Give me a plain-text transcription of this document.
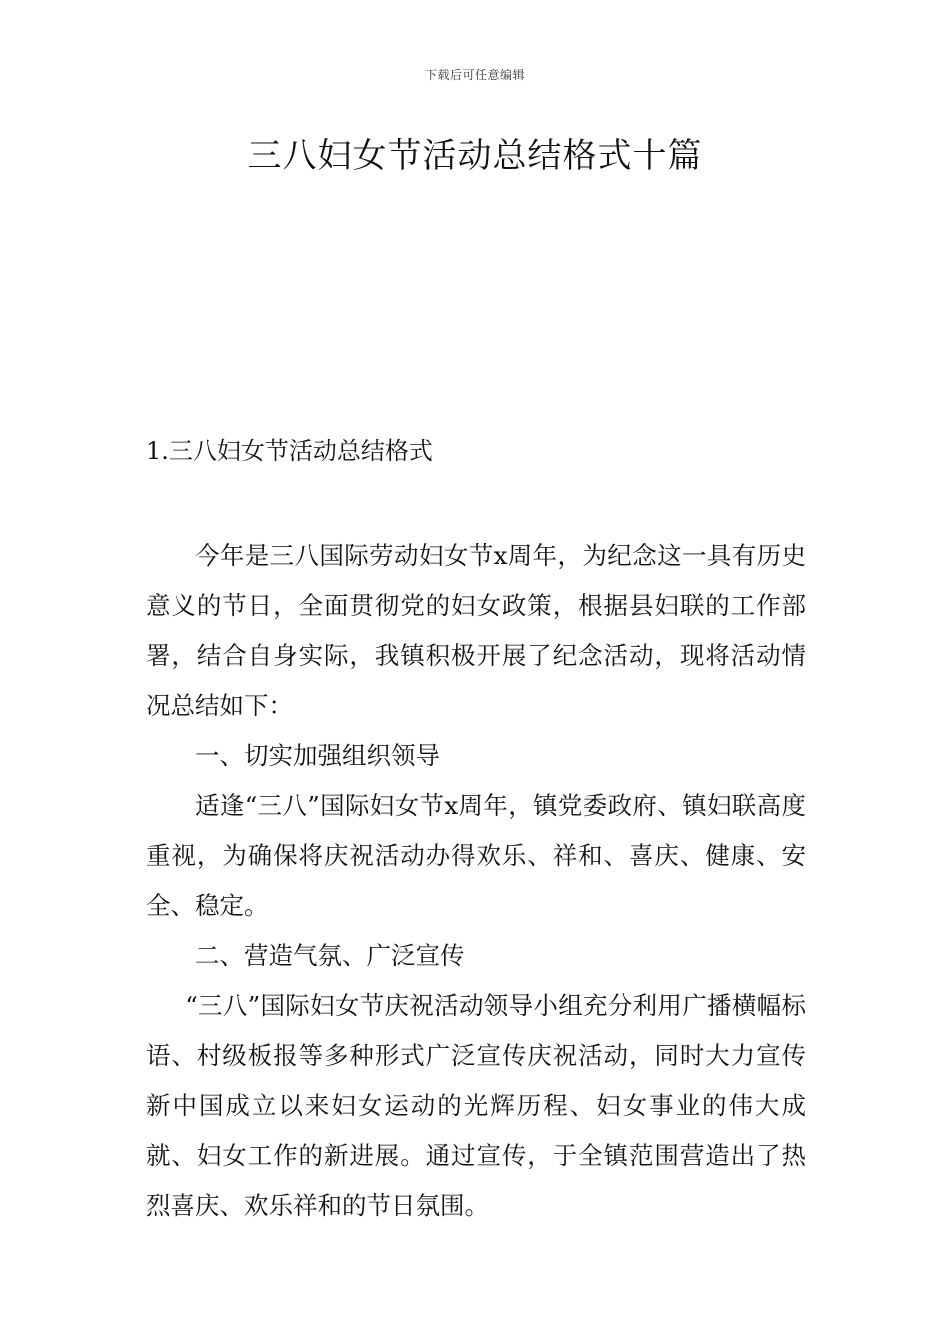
下载后可任意编辑
三八妇女节活动总结格式十篇
1.三八妇女节活动总结格式

今年是三八国际劳动妇女节x周年，为纪念这一具有历史意义的节日，全面贯彻党的妇女政策，根据县妇联的工作部署，结合自身实际，我镇积极开展了纪念活动，现将活动情况总结如下：

一、切实加强组织领导

适逢“三八”国际妇女节x周年，镇党委政府、镇妇联高度重视，为确保将庆祝活动办得欢乐、祥和、喜庆、健康、安全、稳定。

二、营造气氛、广泛宣传

“三八”国际妇女节庆祝活动领导小组充分利用广播横幅标语、村级板报等多种形式广泛宣传庆祝活动，同时大力宣传新中国成立以来妇女运动的光辉历程、妇女事业的伟大成就、妇女工作的新进展。通过宣传，于全镇范围营造出了热烈喜庆、欢乐祥和的节日氛围。
